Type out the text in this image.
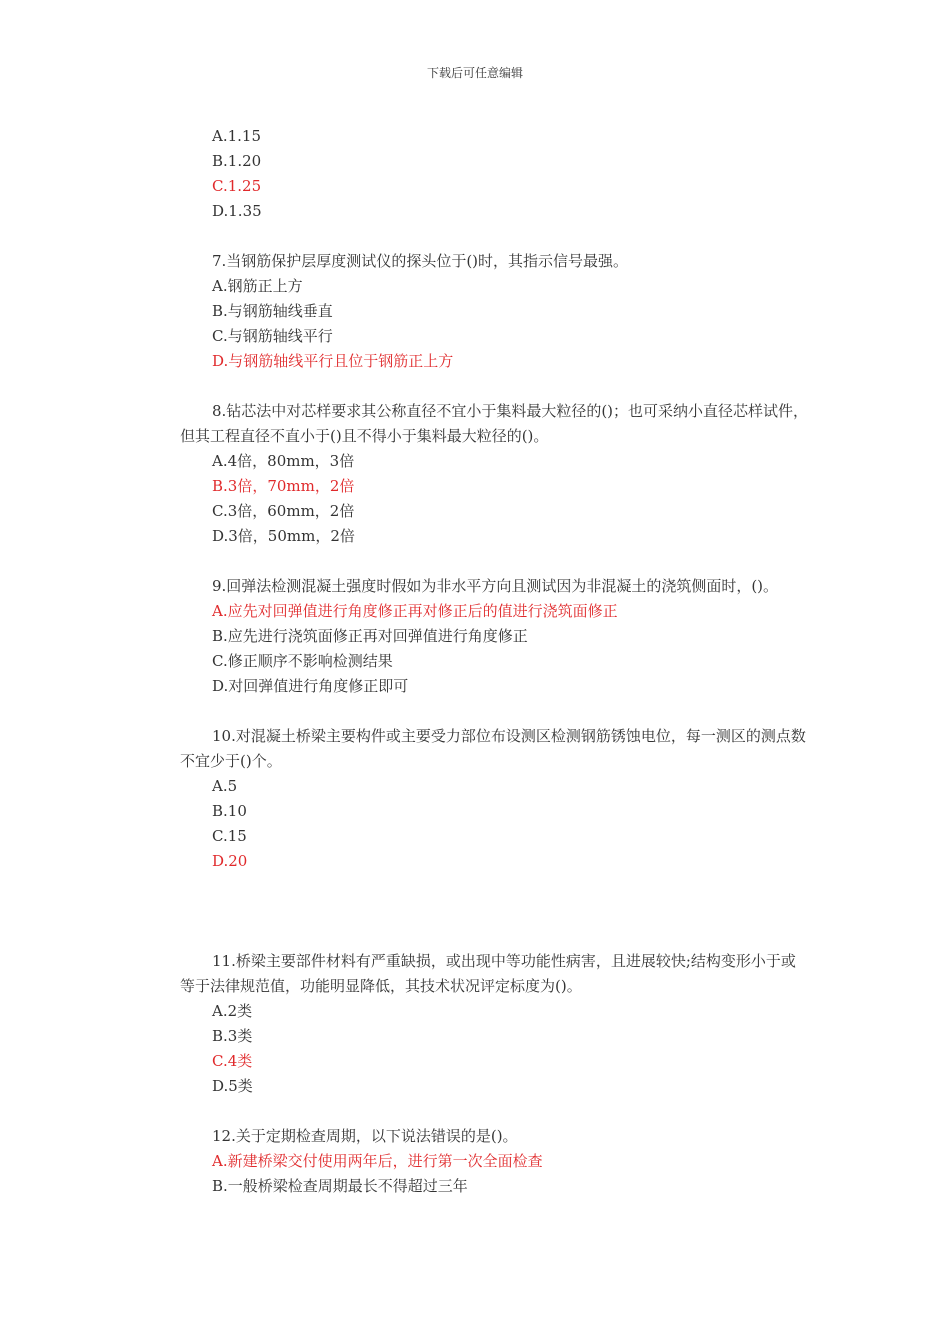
下载后可任意编辑
A.1.15
B.1.20
C.1.25
D.1.35
7.当钢筋保护层厚度测试仪的探头位于()时，其指示信号最强。
A.钢筋正上方
B.与钢筋轴线垂直
C.与钢筋轴线平行
D.与钢筋轴线平行且位于钢筋正上方
8.钻芯法中对芯样要求其公称直径不宜小于集料最大粒径的()；也可采纳小直径芯样试件，但其工程直径不直小于()且不得小于集料最大粒径的()。
A.4倍，80mm，3倍
B.3倍，70mm，2倍
C.3倍，60mm，2倍
D.3倍，50mm，2倍
9.回弹法检测混凝土强度时假如为非水平方向且测试因为非混凝土的浇筑侧面时，()。
A.应先对回弹值进行角度修正再对修正后的值进行浇筑面修正
B.应先进行浇筑面修正再对回弹值进行角度修正
C.修正顺序不影响检测结果
D.对回弹值进行角度修正即可
10.对混凝土桥梁主要构件或主要受力部位布设测区检测钢筋锈蚀电位，每一测区的测点数不宜少于()个。
A.5
B.10
C.15
D.20
11.桥梁主要部件材料有严重缺损，或出现中等功能性病害，且进展较快;结构变形小于或等于法律规范值，功能明显降低，其技术状况评定标度为()。
A.2类
B.3类
C.4类
D.5类
12.关于定期检查周期，以下说法错误的是()。
A.新建桥梁交付使用两年后，进行第一次全面检查
B.一般桥梁检查周期最长不得超过三年
